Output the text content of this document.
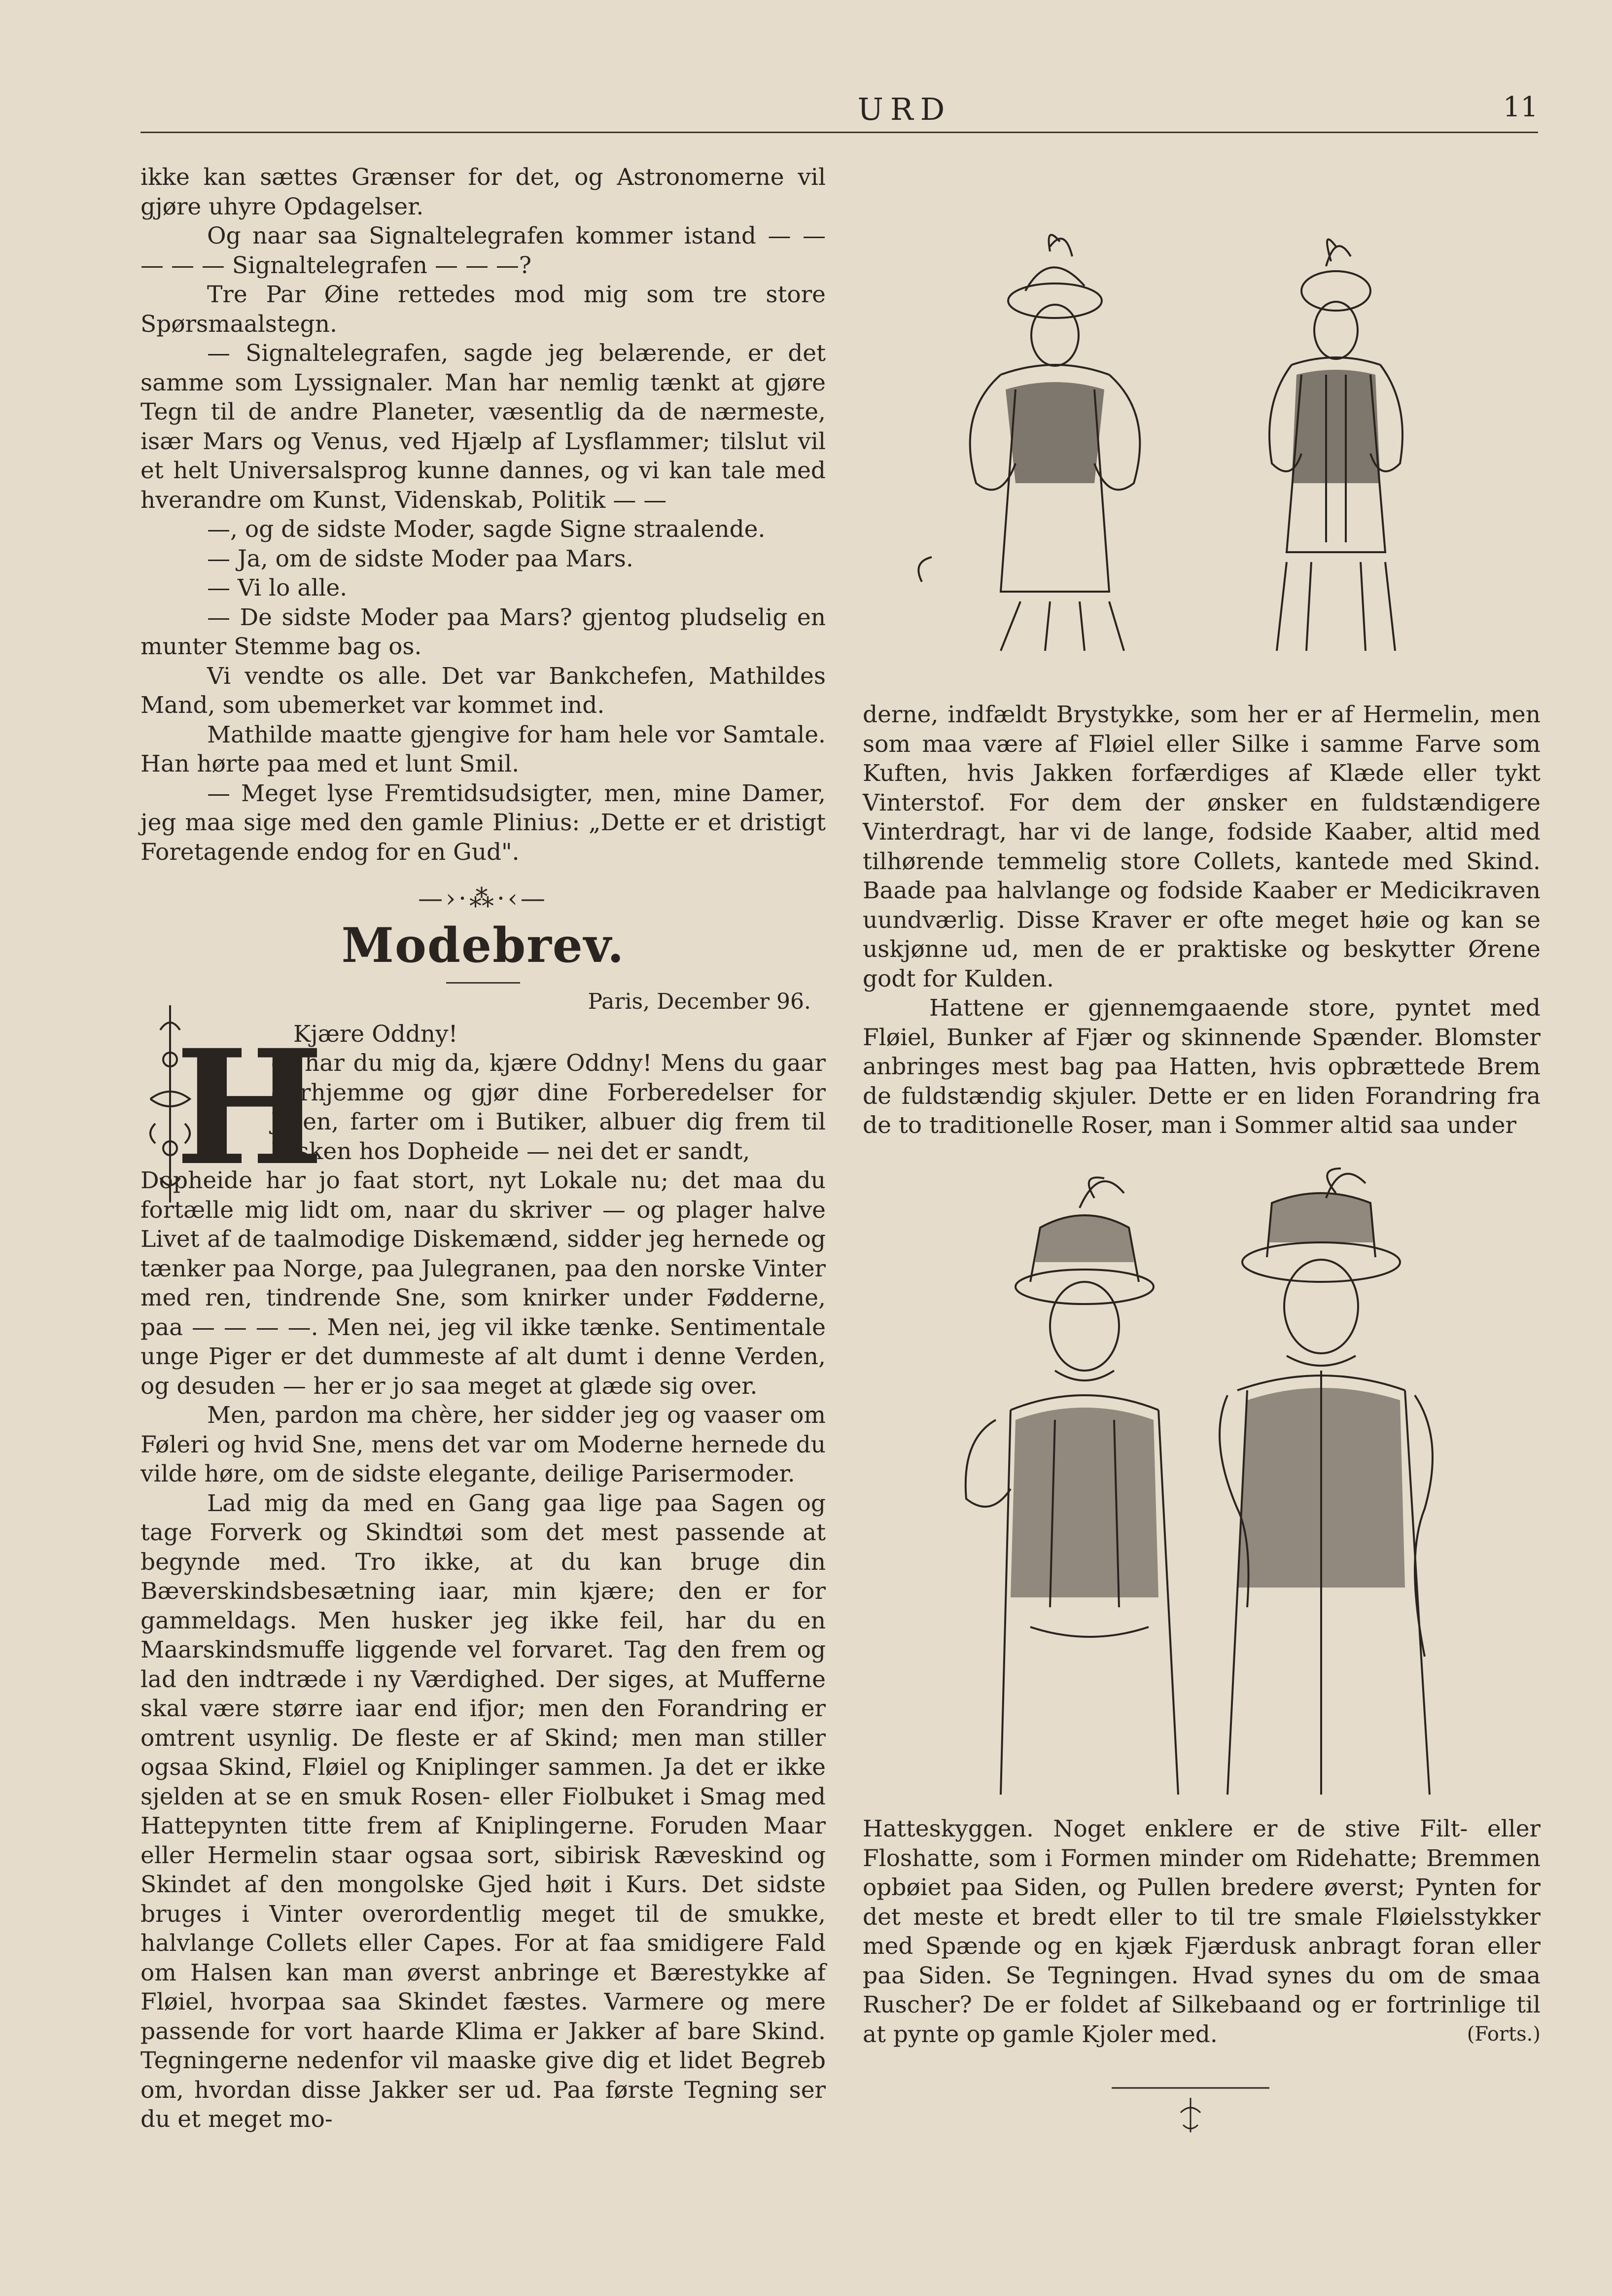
URD	11

ikke kan sættes Grænser for det, og Astronomerne vil gjøre uhyre Opdagelser.

Og naar saa Signaltelegrafen kommer istand — — — — — Signaltelegrafen — — —?

Tre Par Øine rettedes mod mig som tre store Spørsmaalstegn.

— Signaltelegrafen, sagde jeg belærende, er det samme som Lyssignaler. Man har nemlig tænkt at gjøre Tegn til de andre Planeter, væsentlig da de nærmeste, især Mars og Venus, ved Hjælp af Lysflammer; tilslut vil et helt Universalsprog kunne dannes, og vi kan tale med hverandre om Kunst, Videnskab, Politik — —

—, og de sidste Moder, sagde Signe straalende.

— Ja, om de sidste Moder paa Mars.

— Vi lo alle.

— De sidste Moder paa Mars? gjentog pludselig en munter Stemme bag os.

Vi vendte os alle. Det var Bankchefen, Mathildes Mand, som ubemerket var kommet ind.

Mathilde maatte gjengive for ham hele vor Samtale. Han hørte paa med et lunt Smil.

— Meget lyse Fremtidsudsigter, men, mine Damer, jeg maa sige med den gamle Plinius: „Dette er et dristigt Foretagende endog for en Gud".

—›·⁂·‹—
Modebrev.
Paris, December 96.
H
Kjære Oddny!

er har du mig da, kjære Oddny! Mens du gaar derhjemme og gjør dine Forberedelser for Julen, farter om i Butiker, albuer dig frem til Disken hos Dopheide — nei det er sandt,

Dopheide har jo faat stort, nyt Lokale nu; det maa du fortælle mig lidt om, naar du skriver — og plager halve Livet af de taalmodige Diskemænd, sidder jeg hernede og tænker paa Norge, paa Julegranen, paa den norske Vinter med ren, tindrende Sne, som knirker under Fødderne, paa — — — —. Men nei, jeg vil ikke tænke. Sentimentale unge Piger er det dummeste af alt dumt i denne Verden, og desuden — her er jo saa meget at glæde sig over.

Men, pardon ma chère, her sidder jeg og vaaser om Føleri og hvid Sne, mens det var om Moderne hernede du vilde høre, om de sidste elegante, deilige Parisermoder.

Lad mig da med en Gang gaa lige paa Sagen og tage Forverk og Skindtøi som det mest passende at begynde med. Tro ikke, at du kan bruge din Bæverskindsbesætning iaar, min kjære; den er for gammeldags. Men husker jeg ikke feil, har du en Maarskindsmuffe liggende vel forvaret. Tag den frem og lad den indtræde i ny Værdighed. Der siges, at Mufferne skal være større iaar end ifjor; men den Forandring er omtrent usynlig. De fleste er af Skind; men man stiller ogsaa Skind, Fløiel og Kniplinger sammen. Ja det er ikke sjelden at se en smuk Rosen- eller Fiolbuket i Smag med Hattepynten titte frem af Kniplingerne. Foruden Maar eller Hermelin staar ogsaa sort, sibirisk Ræveskind og Skindet af den mongolske Gjed høit i Kurs. Det sidste bruges i Vinter overordentlig meget til de smukke, halvlange Collets eller Capes. For at faa smidigere Fald om Halsen kan man øverst anbringe et Bærestykke af Fløiel, hvorpaa saa Skindet fæstes. Varmere og mere passende for vort haarde Klima er Jakker af bare Skind. Tegningerne nedenfor vil maaske give dig et lidet Begreb om, hvordan disse Jakker ser ud. Paa første Tegning ser du et meget mo-

derne, indfældt Brystykke, som her er af Hermelin, men som maa være af Fløiel eller Silke i samme Farve som Kuften, hvis Jakken forfærdiges af Klæde eller tykt Vinterstof. For dem der ønsker en fuldstændigere Vinterdragt, har vi de lange, fodside Kaaber, altid med tilhørende temmelig store Collets, kantede med Skind. Baade paa halvlange og fodside Kaaber er Medicikraven uundværlig. Disse Kraver er ofte meget høie og kan se uskjønne ud, men de er praktiske og beskytter Ørene godt for Kulden.

Hattene er gjennemgaaende store, pyntet med Fløiel, Bunker af Fjær og skinnende Spænder. Blomster anbringes mest bag paa Hatten, hvis opbrættede Brem de fuldstændig skjuler. Dette er en liden Forandring fra de to traditionelle Roser, man i Sommer altid saa under

Hatteskyggen. Noget enklere er de stive Filt- eller Floshatte, som i Formen minder om Ridehatte; Bremmen opbøiet paa Siden, og Pullen bredere øverst; Pynten for det meste et bredt eller to til tre smale Fløielsstykker med Spænde og en kjæk Fjærdusk anbragt foran eller paa Siden. Se Tegningen. Hvad synes du om de smaa Ruscher? De er foldet af Silkebaand og er fortrinlige til at pynte op gamle Kjoler med.	(Forts.)
